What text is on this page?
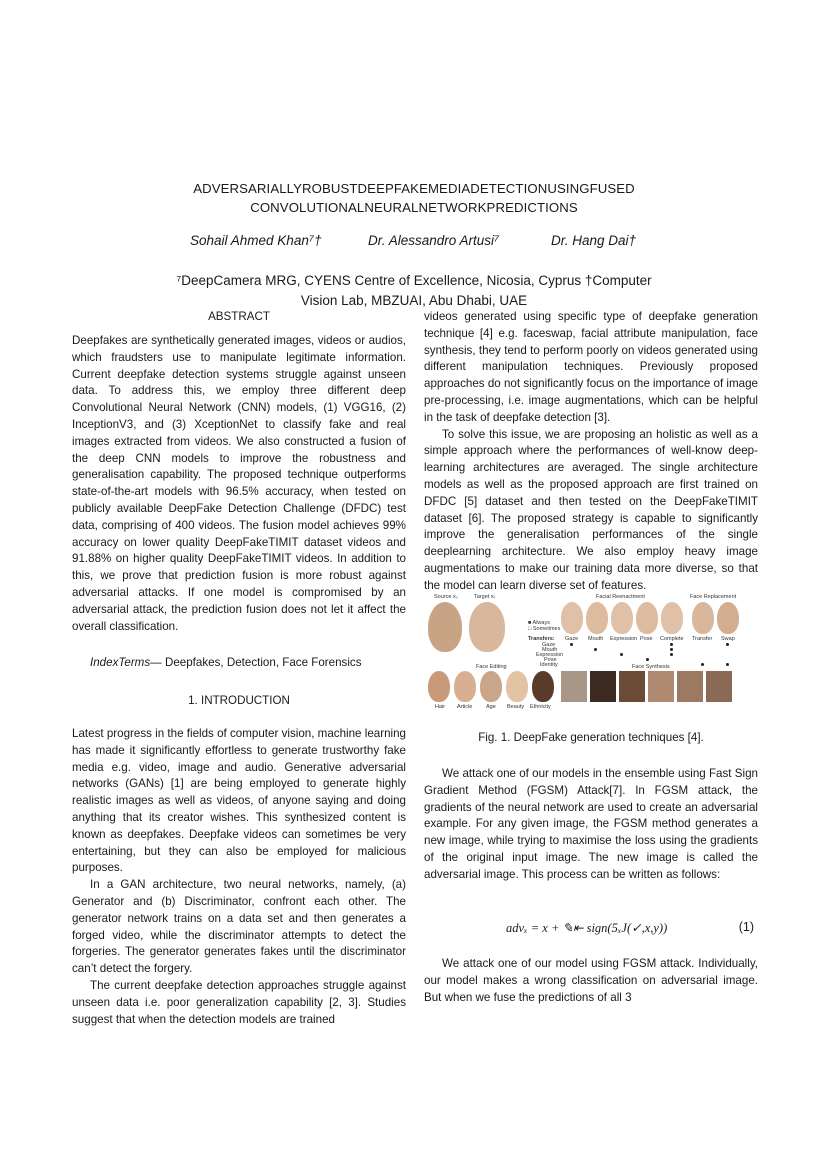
ADVERSARIALLYROBUSTDEEPFAKEMEDIADETECTIONUSINGFUSED
CONVOLUTIONALNEURALNETWORKPREDICTIONS
Sohail Ahmed Khan⁷†	Dr. Alessandro Artusi⁷	Dr. Hang Dai†
⁷DeepCamera MRG, CYENS Centre of Excellence, Nicosia, Cyprus †Computer
Vision Lab, MBZUAI, Abu Dhabi, UAE
ABSTRACT

Deepfakes are synthetically generated images, videos or audios, which fraudsters use to manipulate legitimate information. Current deepfake detection systems struggle against unseen data. To address this, we employ three different deep Convolutional Neural Network (CNN) models, (1) VGG16, (2) InceptionV3, and (3) XceptionNet to classify fake and real images extracted from videos. We also constructed a fusion of the deep CNN models to improve the robustness and generalisation capability. The proposed technique outperforms state-of-the-art models with 96.5% accuracy, when tested on publicly available DeepFake Detection Challenge (DFDC) test data, comprising of 400 videos. The fusion model achieves 99% accuracy on lower quality DeepFakeTIMIT dataset videos and 91.88% on higher quality DeepFakeTIMIT videos. In addition to this, we prove that prediction fusion is more robust against adversarial attacks. If one model is compromised by an adversarial attack, the prediction fusion does not let it affect the overall classification.

IndexTerms— Deepfakes, Detection, Face Forensics
1. INTRODUCTION

Latest progress in the fields of computer vision, machine learning has made it significantly effortless to generate trustworthy fake media e.g. video, image and audio. Generative adversarial networks (GANs) [1] are being employed to generate highly realistic images as well as videos, of anyone saying and doing anything that its creator wishes. This synthesized content is known as deepfakes. Deepfake videos can sometimes be very entertaining, but they can also be employed for malicious purposes.

In a GAN architecture, two neural networks, namely, (a) Generator and (b) Discriminator, confront each other. The generator network trains on a data set and then generates a forged video, while the discriminator attempts to detect the forgeries. The generator generates fakes until the discriminator can’t detect the forgery.

The current deepfake detection approaches struggle against unseen data i.e. poor generalization capability [2, 3]. Studies suggest that when the detection models are trained

videos generated using specific type of deepfake generation technique [4] e.g. faceswap, facial attribute manipulation, face synthesis, they tend to perform poorly on videos generated using different manipulation techniques. Previously proposed approaches do not significantly focus on the importance of image pre-processing, i.e. image augmentations, which can be helpful in the task of deepfake detection [3].

To solve this issue, we are proposing an holistic as well as a simple approach where the performances of well-know deep-learning architectures are averaged. The single architecture models as well as the proposed approach are first trained on DFDC [5] dataset and then tested on the DeepFakeTIMIT dataset [6]. The proposed strategy is capable to significantly improve the generalisation performances of the single deeplearning architecture. We also employ heavy image augmentations to make our training data more diverse, so that the model can learn diverse set of features.

Source xₛ	Target xₜ	Facial Reenactment	Face Replacement
■ Always
□ Sometimes
Transfers: Gaze Mouth Expression Pose Complete Transfer Swap
Gaze
Mouth
Expression
Pose
Identity
Face Editing	Face Synthesis
Hair Article Age Beauty Ethnicity
Fig. 1. DeepFake generation techniques [4].

We attack one of our models in the ensemble using Fast Sign Gradient Method (FGSM) Attack[7]. In FGSM attack, the gradients of the neural network are used to create an adversarial example. For any given image, the FGSM method generates a new image, while trying to maximise the loss using the gradients of the original input image. The new image is called the adversarial image. This process can be written as follows:

advₓ = x + ✎⇤ sign(5ₓJ(✓,x,y))	(1)

We attack one of our model using FGSM attack. Individually, our model makes a wrong classification on adversarial image. But when we fuse the predictions of all 3
